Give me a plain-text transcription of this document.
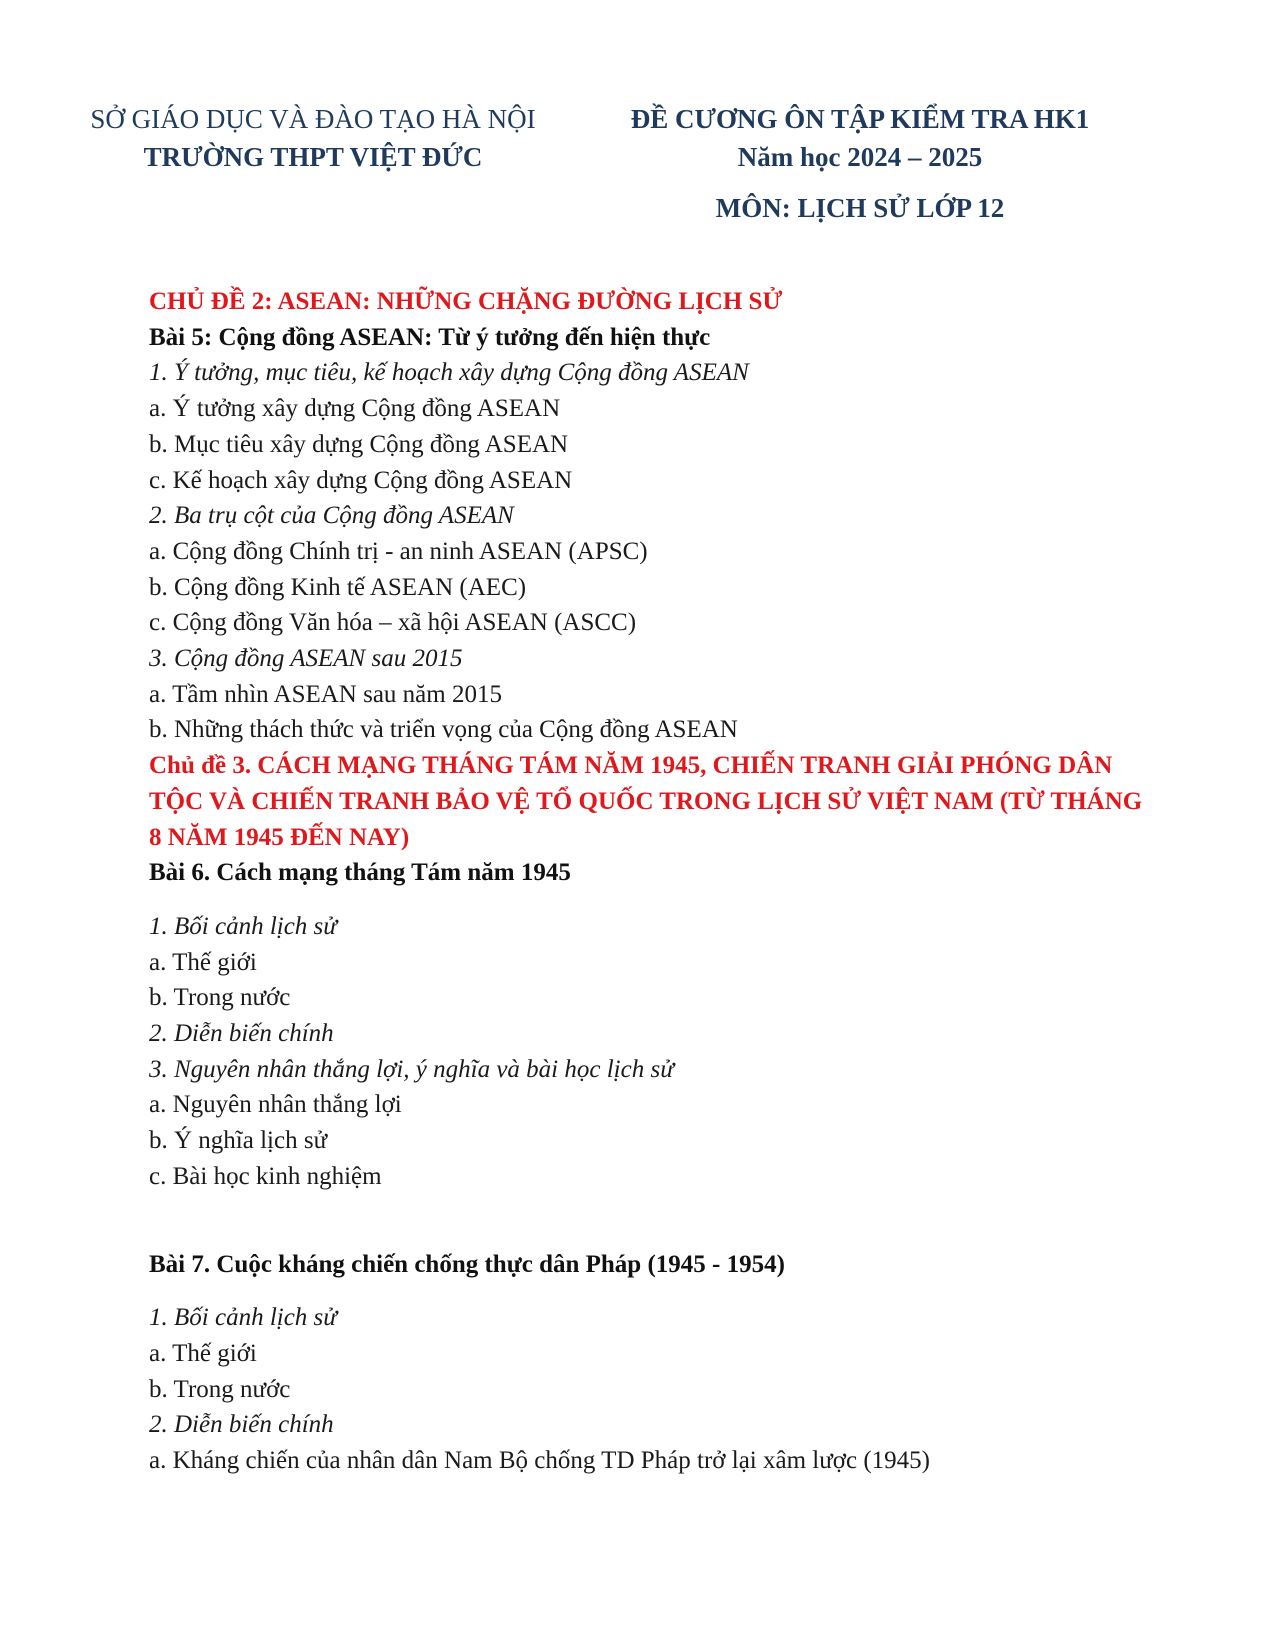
SỞ GIÁO DỤC VÀ ĐÀO TẠO HÀ NỘI
TRƯỜNG THPT VIỆT ĐỨC
ĐỀ CƯƠNG ÔN TẬP KIỂM TRA HK1
Năm học 2024 – 2025
MÔN: LỊCH SỬ LỚP 12
CHỦ ĐỀ 2: ASEAN: NHỮNG CHẶNG ĐƯỜNG LỊCH SỬ
Bài 5: Cộng đồng ASEAN: Từ ý tưởng đến hiện thực
1. Ý tưởng, mục tiêu, kế hoạch xây dựng Cộng đồng ASEAN
a. Ý tưởng xây dựng Cộng đồng ASEAN
b. Mục tiêu xây dựng Cộng đồng ASEAN
c. Kế hoạch xây dựng Cộng đồng ASEAN
2. Ba trụ cột của Cộng đồng ASEAN
a. Cộng đồng Chính trị - an ninh ASEAN (APSC)
b. Cộng đồng Kinh tế ASEAN (AEC)
c. Cộng đồng Văn hóa – xã hội ASEAN (ASCC)
3. Cộng đồng ASEAN sau 2015
a. Tầm nhìn ASEAN sau năm 2015
b. Những thách thức và triển vọng của Cộng đồng ASEAN
Chủ đề 3. CÁCH MẠNG THÁNG TÁM NĂM 1945, CHIẾN TRANH GIẢI PHÓNG DÂN TỘC VÀ CHIẾN TRANH BẢO VỆ TỔ QUỐC TRONG LỊCH SỬ VIỆT NAM (TỪ THÁNG 8 NĂM 1945 ĐẾN NAY)
Bài 6. Cách mạng tháng Tám năm 1945
1. Bối cảnh lịch sử
a. Thế giới
b. Trong nước
2. Diễn biến chính
3. Nguyên nhân thắng lợi, ý nghĩa và bài học lịch sử
a. Nguyên nhân thắng lợi
b. Ý nghĩa lịch sử
c. Bài học kinh nghiệm
Bài 7. Cuộc kháng chiến chống thực dân Pháp (1945 - 1954)
1. Bối cảnh lịch sử
a. Thế giới
b. Trong nước
2. Diễn biến chính
a. Kháng chiến của nhân dân Nam Bộ chống TD Pháp trở lại xâm lược (1945)
